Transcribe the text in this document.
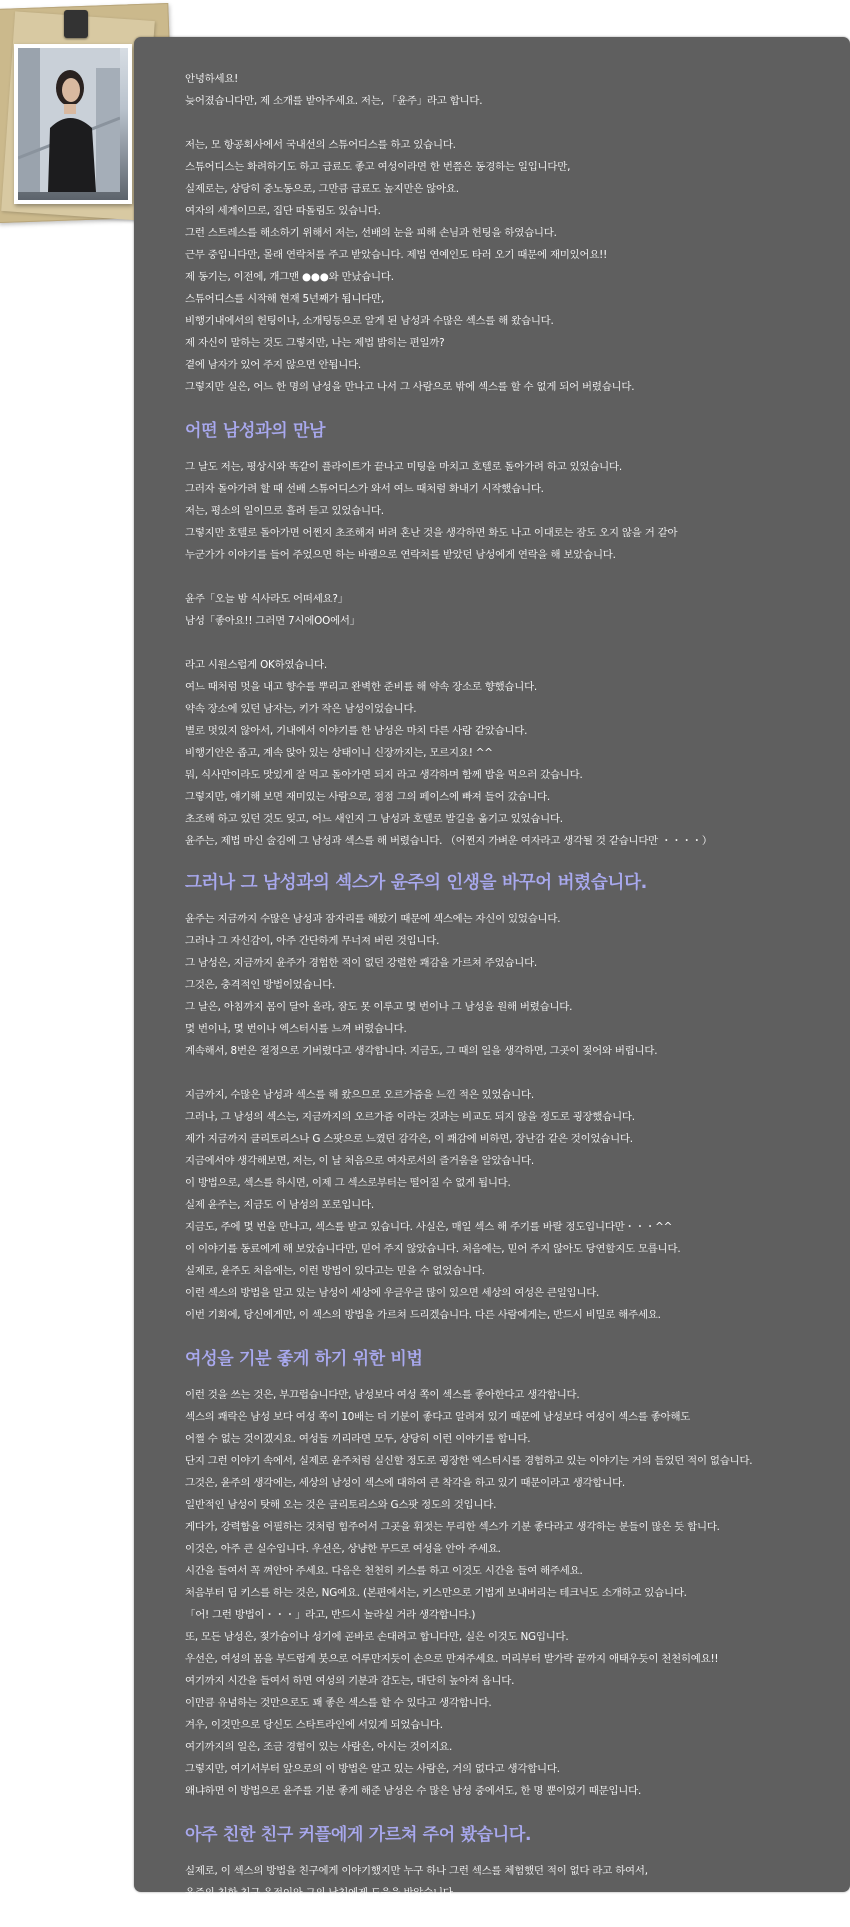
안녕하세요!
늦어졌습니다만, 제 소개를 받아주세요. 저는, 「윤주」라고 합니다.
저는, 모 항공회사에서 국내선의 스튜어디스를 하고 있습니다.
스튜어디스는 화려하기도 하고 급료도 좋고 여성이라면 한 번쯤은 동경하는 일입니다만,
실제로는, 상당히 중노동으로, 그만큼 급료도 높지만은 않아요.
여자의 세계이므로, 집단 따돌림도 있습니다.
그런 스트레스를 해소하기 위해서 저는, 선배의 눈을 피해 손님과 헌팅을 하였습니다.
근무 중입니다만, 몰래 연락처를 주고 받았습니다. 제법 연예인도 타러 오기 때문에 재미있어요!!
제 동기는, 이전에, 개그맨 ●●●와 만났습니다.
스튜어디스를 시작해 현재 5년째가 됩니다만,
비행기내에서의 헌팅이나, 소개팅등으로 알게 된 남성과 수많은 섹스를 해 왔습니다.
제 자신이 말하는 것도 그렇지만, 나는 제법 밝히는 편일까?
곁에 남자가 있어 주지 않으면 안됩니다.
그렇지만 실은, 어느 한 명의 남성을 만나고 나서 그 사람으로 밖에 섹스를 할 수 없게 되어 버렸습니다.
어떤 남성과의 만남
그 날도 저는, 평상시와 똑같이 플라이트가 끝나고 미팅을 마치고 호텔로 돌아가려 하고 있었습니다.
그러자 돌아가려 할 때 선배 스튜어디스가 와서 여느 때처럼 화내기 시작했습니다.
저는, 평소의 일이므로 흘려 듣고 있었습니다.
그렇지만 호텔로 돌아가면 어쩐지 초조해져 버려 혼난 것을 생각하면 화도 나고 이대로는 잠도 오지 않을 거 같아
누군가가 이야기를 들어 주었으면 하는 바램으로 연락처를 받았던 남성에게 연락을 해 보았습니다.
윤주「오늘 밤 식사라도 어떠세요?」
남성「좋아요!! 그러면 7시에OO에서」
라고 시원스럽게 OK하였습니다.
여느 때처럼 멋을 내고 향수를 뿌리고 완벽한 준비를 해 약속 장소로 향했습니다.
약속 장소에 있던 남자는, 키가 작은 남성이었습니다.
별로 멋있지 않아서, 기내에서 이야기를 한 남성은 마치 다른 사람 같았습니다.
비행기안은 좁고, 계속 앉아 있는 상태이니 신장까지는, 모르지요! ^^
뭐, 식사만이라도 맛있게 잘 먹고 돌아가면 되지 라고 생각하며 함께 밥을 먹으러 갔습니다.
그렇지만, 얘기해 보면 재미있는 사람으로, 점점 그의 페이스에 빠져 들어 갔습니다.
초조해 하고 있던 것도 잊고, 어느 새인지 그 남성과 호텔로 발길을 옮기고 있었습니다.
윤주는, 제법 마신 술김에 그 남성과 섹스를 해 버렸습니다. （어쩐지 가벼운 여자라고 생각될 것 같습니다만 ・・・・）
그러나 그 남성과의 섹스가 윤주의 인생을 바꾸어 버렸습니다.
윤주는 지금까지 수많은 남성과 잠자리를 해왔기 때문에 섹스에는 자신이 있었습니다.
그러나 그 자신감이, 아주 간단하게 무너져 버린 것입니다.
그 남성은, 지금까지 윤주가 경험한 적이 없던 강렬한 쾌감을 가르쳐 주었습니다.
그것은, 충격적인 방법이었습니다.
그 날은, 아침까지 몸이 달아 올라, 잠도 못 이루고 몇 번이나 그 남성을 원해 버렸습니다.
몇 번이나, 몇 번이나 엑스터시를 느껴 버렸습니다.
계속해서, 8번은 절정으로 기버렸다고 생각합니다. 지금도, 그 때의 일을 생각하면, 그곳이 젖어와 버립니다.
지금까지, 수많은 남성과 섹스를 해 왔으므로 오르가즘을 느낀 적은 있었습니다.
그러나, 그 남성의 섹스는, 지금까지의 오르가즘 이라는 것과는 비교도 되지 않을 정도로 굉장했습니다.
제가 지금까지 클리토리스나 G 스팟으로 느꼈던 감각은, 이 쾌감에 비하면, 장난감 같은 것이었습니다.
지금에서야 생각해보면, 저는, 이 날 처음으로 여자로서의 즐거움을 알았습니다.
이 방법으로, 섹스를 하시면, 이제 그 섹스로부터는 떨어질 수 없게 됩니다.
실제 윤주는, 지금도 이 남성의 포로입니다.
지금도, 주에 몇 번을 만나고, 섹스를 받고 있습니다. 사실은, 매일 섹스 해 주기를 바랄 정도입니다만・・・^^
이 이야기를 동료에게 해 보았습니다만, 믿어 주지 않았습니다. 처음에는, 믿어 주지 않아도 당연할지도 모릅니다.
실제로, 윤주도 처음에는, 이런 방법이 있다고는 믿을 수 없었습니다.
이런 섹스의 방법을 알고 있는 남성이 세상에 우글우글 많이 있으면 세상의 여성은 큰일입니다.
이번 기회에, 당신에게만, 이 섹스의 방법을 가르쳐 드리겠습니다. 다른 사람에게는, 반드시 비밀로 해주세요.
여성을 기분 좋게 하기 위한 비법
이런 것을 쓰는 것은, 부끄럽습니다만, 남성보다 여성 쪽이 섹스를 좋아한다고 생각합니다.
섹스의 쾌락은 남성 보다 여성 쪽이 10배는 더 기분이 좋다고 알려져 있기 때문에 남성보다 여성이 섹스를 좋아해도
어쩔 수 없는 것이겠지요. 여성들 끼리라면 모두, 상당히 이런 이야기를 합니다.
단지 그런 이야기 속에서, 실제로 윤주처럼 실신할 정도로 굉장한 엑스터시를 경험하고 있는 이야기는 거의 들었던 적이 없습니다.
그것은, 윤주의 생각에는, 세상의 남성이 섹스에 대하여 큰 착각을 하고 있기 때문이라고 생각합니다.
일반적인 남성이 탓해 오는 것은 클리토리스와 G스팟 정도의 것입니다.
게다가, 강력함을 어필하는 것처럼 힘주어서 그곳을 휘젓는 무리한 섹스가 기분 좋다라고 생각하는 분들이 많은 듯 합니다.
이것은, 아주 큰 실수입니다. 우선은, 상냥한 무드로 여성을 안아 주세요.
시간을 들여서 꼭 껴안아 주세요. 다음은 천천히 키스를 하고 이것도 시간을 들여 해주세요.
처음부터 딥 키스를 하는 것은, NG예요. (본편에서는, 키스만으로 기법게 보내버리는 테크닉도 소개하고 있습니다.
「어! 그런 방법이・・・」라고, 반드시 놀라실 거라 생각합니다.)
또, 모든 남성은, 젖가슴이나 성기에 곧바로 손대려고 합니다만, 실은 이것도 NG입니다.
우선은, 여성의 몸을 부드럽게 붓으로 어루만지듯이 손으로 만져주세요. 머리부터 발가락 끝까지 애태우듯이 천천히예요!!
여기까지 시간을 들여서 하면 여성의 기분과 감도는, 대단히 높아져 옵니다.
이만큼 유념하는 것만으로도 꽤 좋은 섹스를 할 수 있다고 생각합니다.
겨우, 이것만으로 당신도 스타트라인에 서있게 되었습니다.
여기까지의 일은, 조금 경험이 있는 사람은, 아시는 것이지요.
그렇지만, 여기서부터 앞으로의 이 방법은 알고 있는 사람은, 거의 없다고 생각합니다.
왜냐하면 이 방법으로 윤주를 기분 좋게 해준 남성은 수 많은 남성 중에서도, 한 명 뿐이었기 때문입니다.
아주 친한 친구 커플에게 가르쳐 주어 봤습니다.
실제로, 이 섹스의 방법을 친구에게 이야기했지만 누구 하나 그런 섹스를 체험했던 적이 없다 라고 하여서,
윤주의 친한 친구 은정이와 그의 남친에게 도움을 받았습니다.
